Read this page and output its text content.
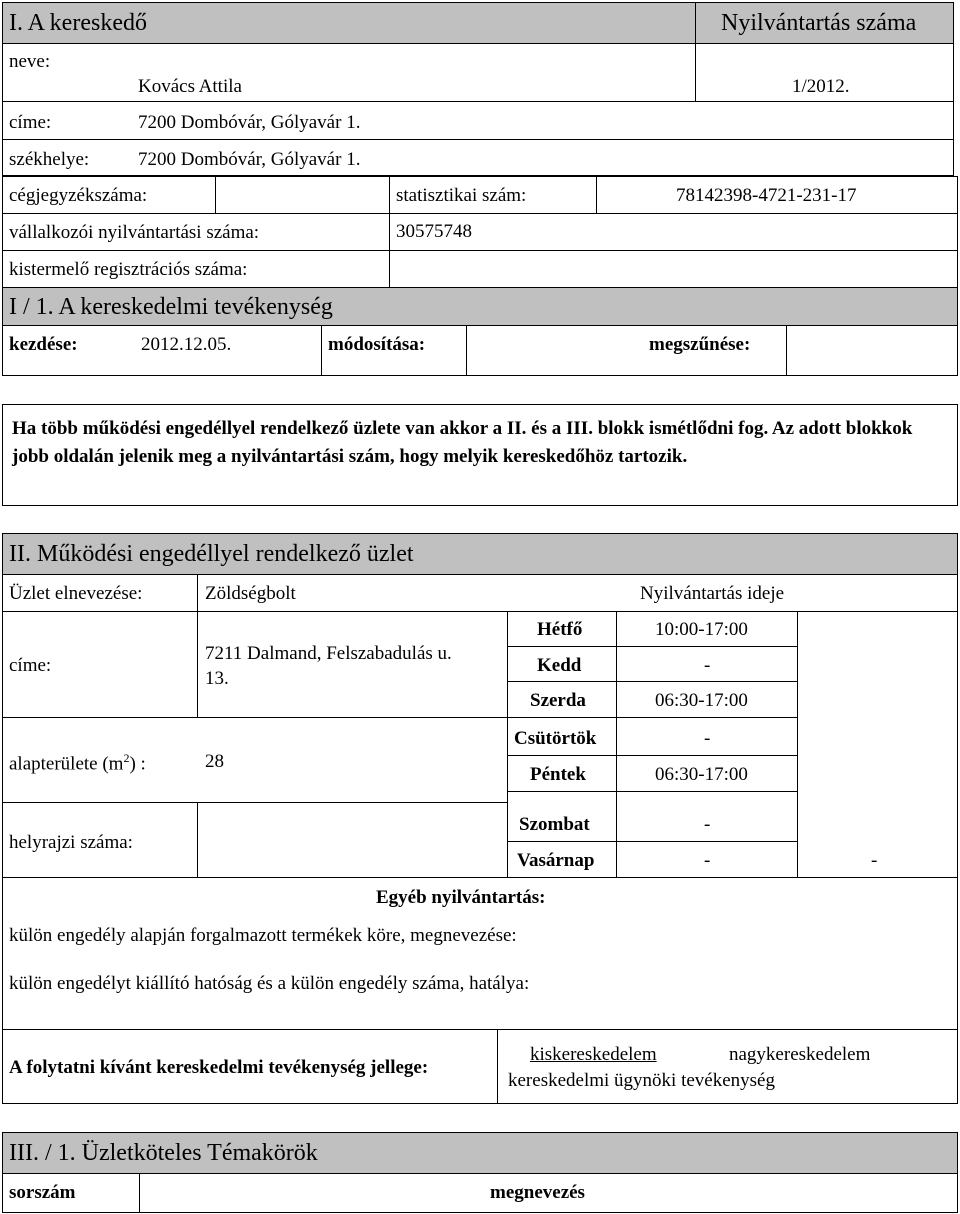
I. A kereskedő	Nyilvántartás száma
neve:
Kovács Attila	1/2012.
címe:	7200 Dombóvár, Gólyavár 1.
székhelye:	7200 Dombóvár, Gólyavár 1.
cégjegyzékszáma:	statisztikai szám:	78142398-4721-231-17
vállalkozói nyilvántartási száma:	30575748
kistermelő regisztrációs száma:
I / 1. A kereskedelmi tevékenység
kezdése:	2012.12.05.	módosítása:	megszűnése:
Ha több működési engedéllyel rendelkező üzlete van akkor a II. és a III. blokk ismétlődni fog. Az adott blokkok jobb oldalán jelenik meg a nyilvántartási szám, hogy melyik kereskedőhöz tartozik.
II. Működési engedéllyel rendelkező üzlet
Üzlet elnevezése:	Zöldségbolt	Nyilvántartás ideje
címe:
7211 Dalmand, Felszabadulás u.
13.
alapterülete $(m^2)$ :	28
helyrajzi száma:
Hétfő	10:00-17:00
Kedd	-
Szerda	06:30-17:00
Csütörtök	-
Péntek	06:30-17:00
Szombat	-
Vasárnap	-	-
Egyéb nyilvántartás:
külön engedély alapján forgalmazott termékek köre, megnevezése:
külön engedélyt kiállító hatóság és a külön engedély száma, hatálya:
A folytatni kívánt kereskedelmi tevékenység jellege:
kiskereskedelem	nagykereskedelem
kereskedelmi ügynöki tevékenység
III. / 1. Üzletköteles Témakörök
sorszám	megnevezés
